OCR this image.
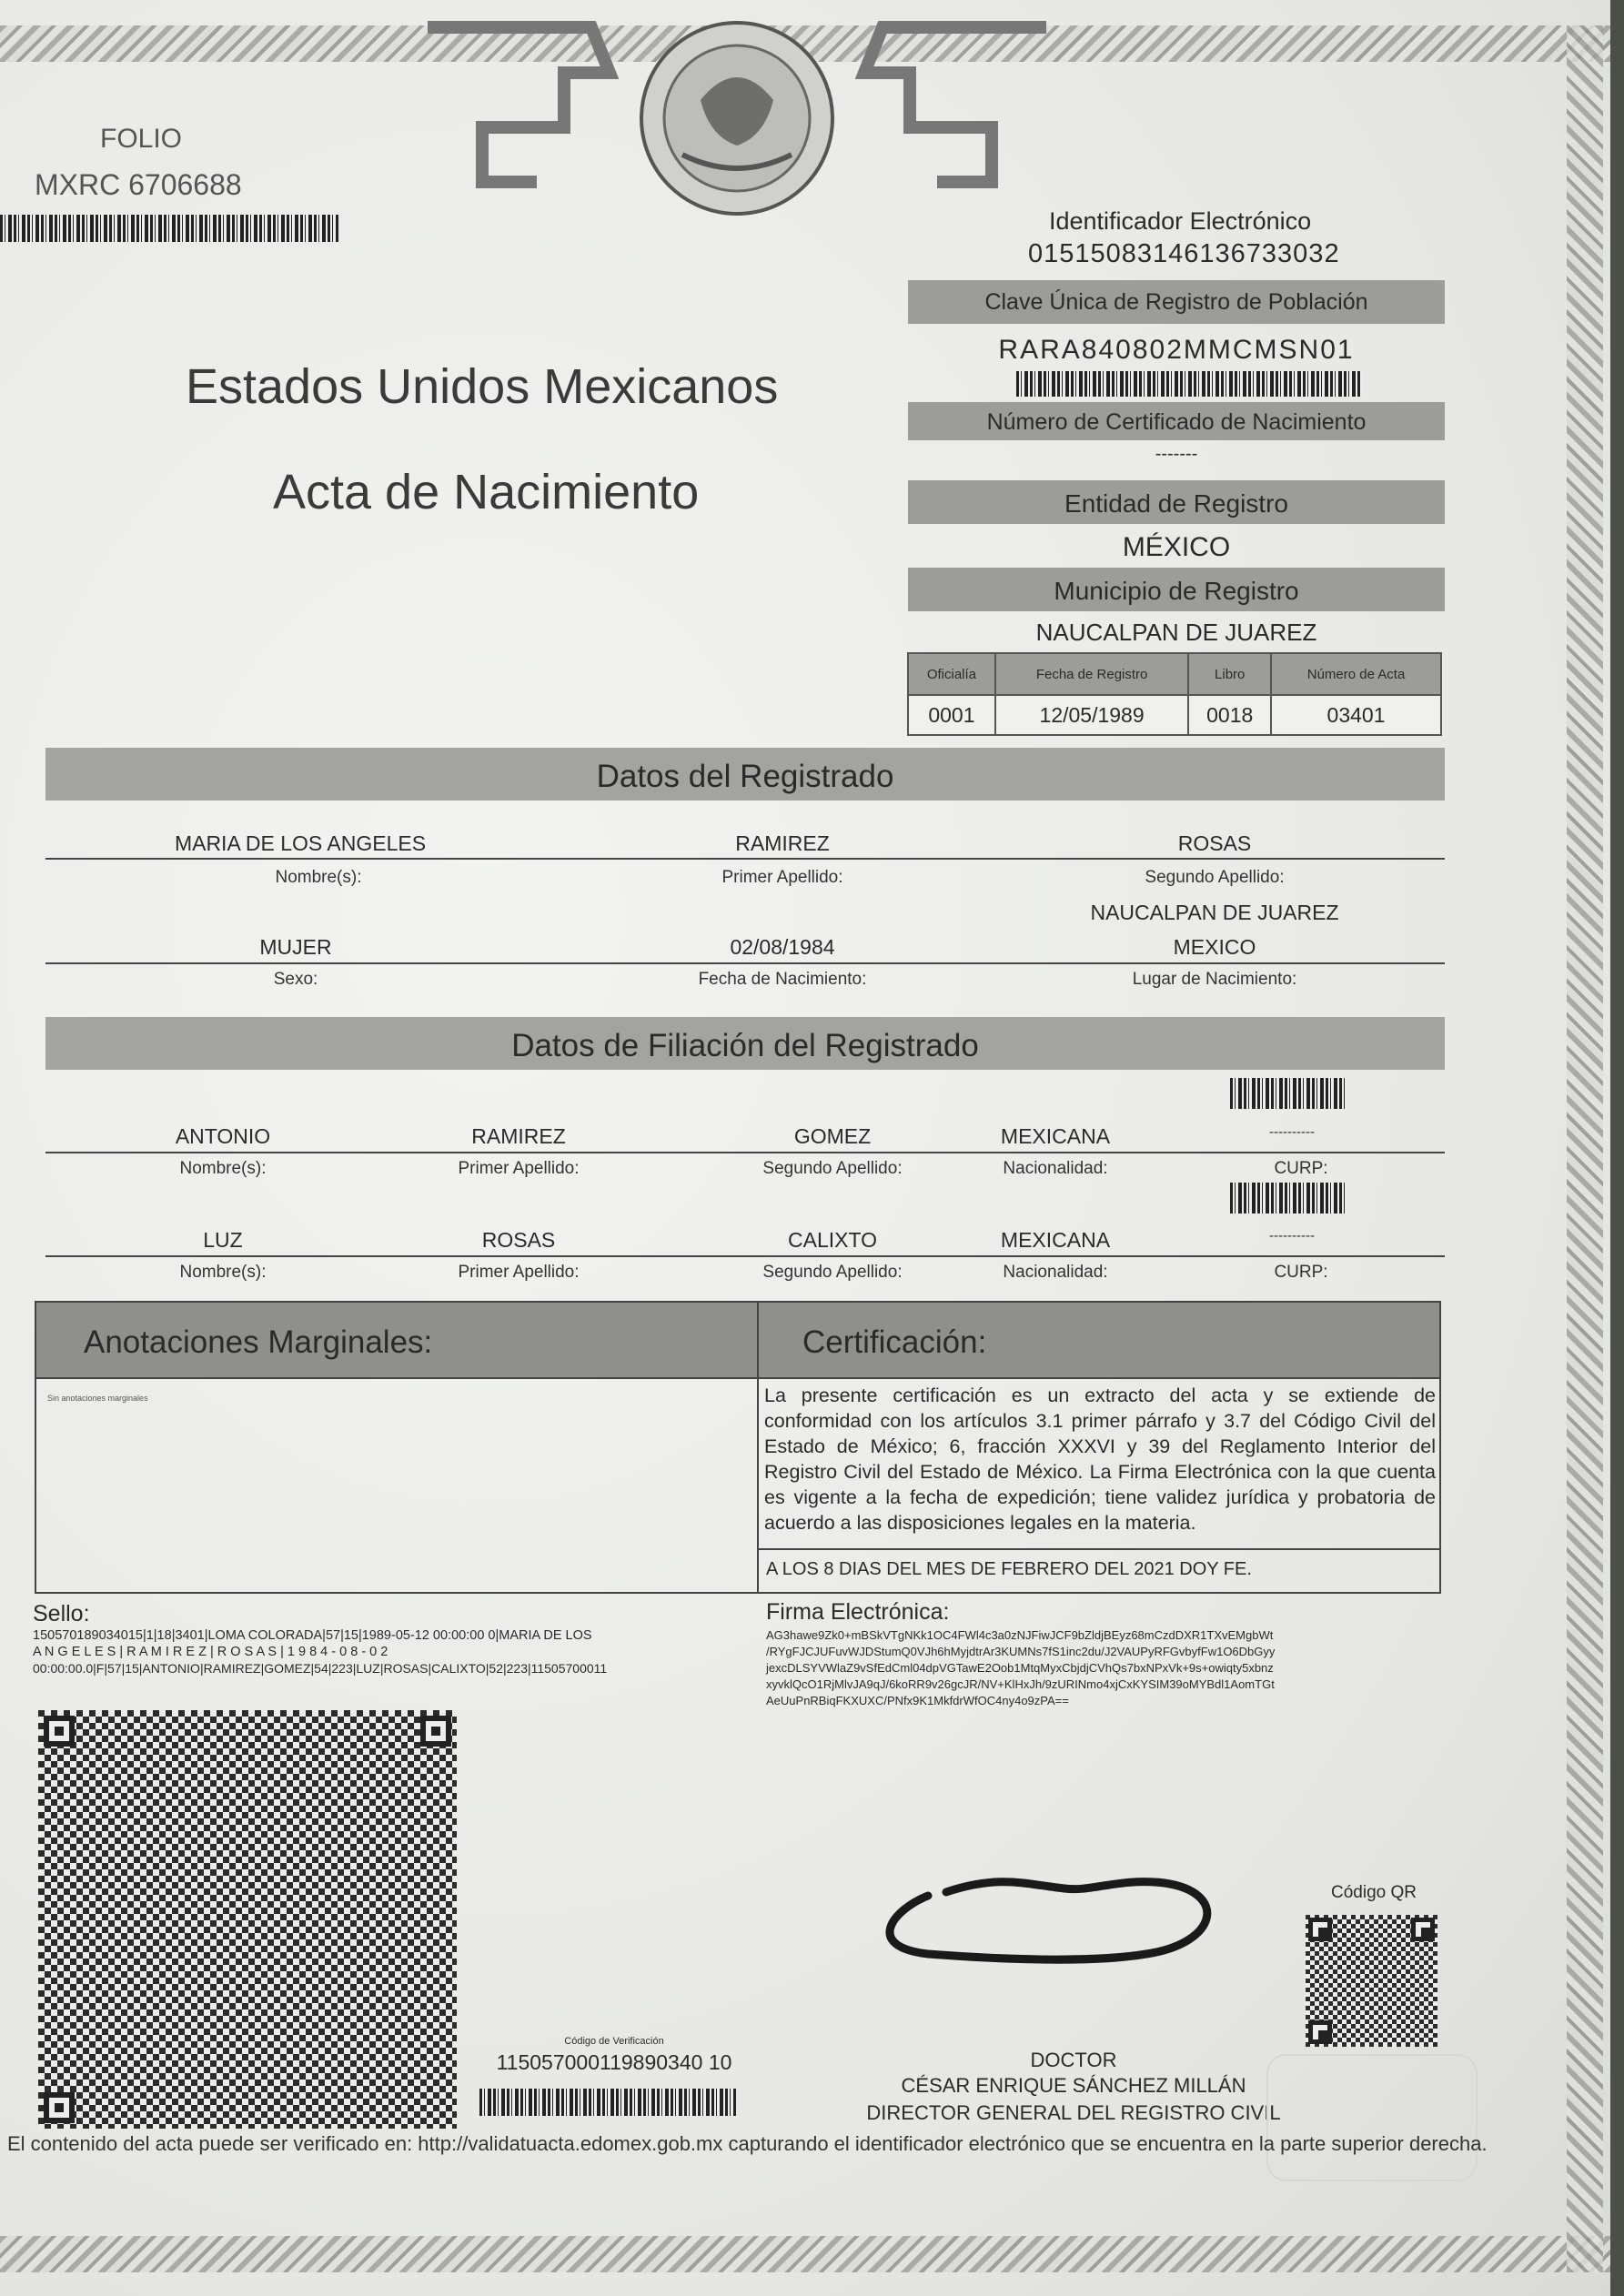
FOLIO
MXRC 6706688
Identificador Electrónico
01515083146136733032
Clave Única de Registro de Población
RARA840802MMCMSN01
Número de Certificado de Nacimiento
-------
Estados Unidos Mexicanos
Acta de Nacimiento	Entidad de Registro
MÉXICO
Municipio de Registro
NAUCALPAN DE JUAREZ
Oficialía	Fecha de Registro	Libro	Número de Acta
0001	12/05/1989	0018	03401
Datos del Registrado
MARIA DE LOS ANGELES	RAMIREZ	ROSAS
Nombre(s):	Primer Apellido:	Segundo Apellido:
NAUCALPAN DE JUAREZ
MUJER	02/08/1984	MEXICO
Sexo:	Fecha de Nacimiento:	Lugar de Nacimiento:
Datos de Filiación del Registrado
ANTONIO	RAMIREZ	GOMEZ	MEXICANA	----------
Nombre(s):	Primer Apellido:	Segundo Apellido:	Nacionalidad:	CURP:
LUZ	ROSAS	CALIXTO	MEXICANA	----------
Nombre(s):	Primer Apellido:	Segundo Apellido:	Nacionalidad:	CURP:
Anotaciones Marginales:
Sin anotaciones marginales
Certificación:
La presente certificación es un extracto del acta y se extiende de conformidad con los artículos 3.1 primer párrafo y 3.7 del Código Civil del Estado de México; 6, fracción XXXVI y 39 del Reglamento Interior del Registro Civil del Estado de México. La Firma Electrónica con la que cuenta es vigente a la fecha de expedición; tiene validez jurídica y probatoria de acuerdo a las disposiciones legales en la materia.
A LOS 8 DIAS DEL MES DE FEBRERO DEL 2021 DOY FE.
Sello:
150570189034015|1|18|3401|LOMA COLORADA|57|15|1989-05-12 00:00:00 0|MARIA DE LOS
A N G E L E S | R A M I R E Z | R O S A S | 1 9 8 4 - 0 8 - 0 2
00:00:00.0|F|57|15|ANTONIO|RAMIREZ|GOMEZ|54|223|LUZ|ROSAS|CALIXTO|52|223|11505700011
Firma Electrónica:
AG3hawe9Zk0+mBSkVTgNKk1OC4FWl4c3a0zNJFiwJCF9bZldjBEyz68mCzdDXR1TXvEMgbWt
/RYgFJCJUFuvWJDStumQ0VJh6hMyjdtrAr3KUMNs7fS1inc2du/J2VAUPyRFGvbyfFw1O6DbGyy
jexcDLSYVWlaZ9vSfEdCml04dpVGTawE2Oob1MtqMyxCbjdjCVhQs7bxNPxVk+9s+owiqty5xbnz
xyvklQcO1RjMlvJA9qJ/6koRR9v26gcJR/NV+KlHxJh/9zURINmo4xjCxKYSIM39oMYBdl1AomTGt
AeUuPnRBiqFKXUXC/PNfx9K1MkfdrWfOC4ny4o9zPA==
Código de Verificación
115057000119890340 10	DOCTOR
CÉSAR ENRIQUE SÁNCHEZ MILLÁN
DIRECTOR GENERAL DEL REGISTRO CIVIL
Código QR
El contenido del acta puede ser verificado en: http://validatuacta.edomex.gob.mx capturando el identificador electrónico que se encuentra en la parte superior derecha.
